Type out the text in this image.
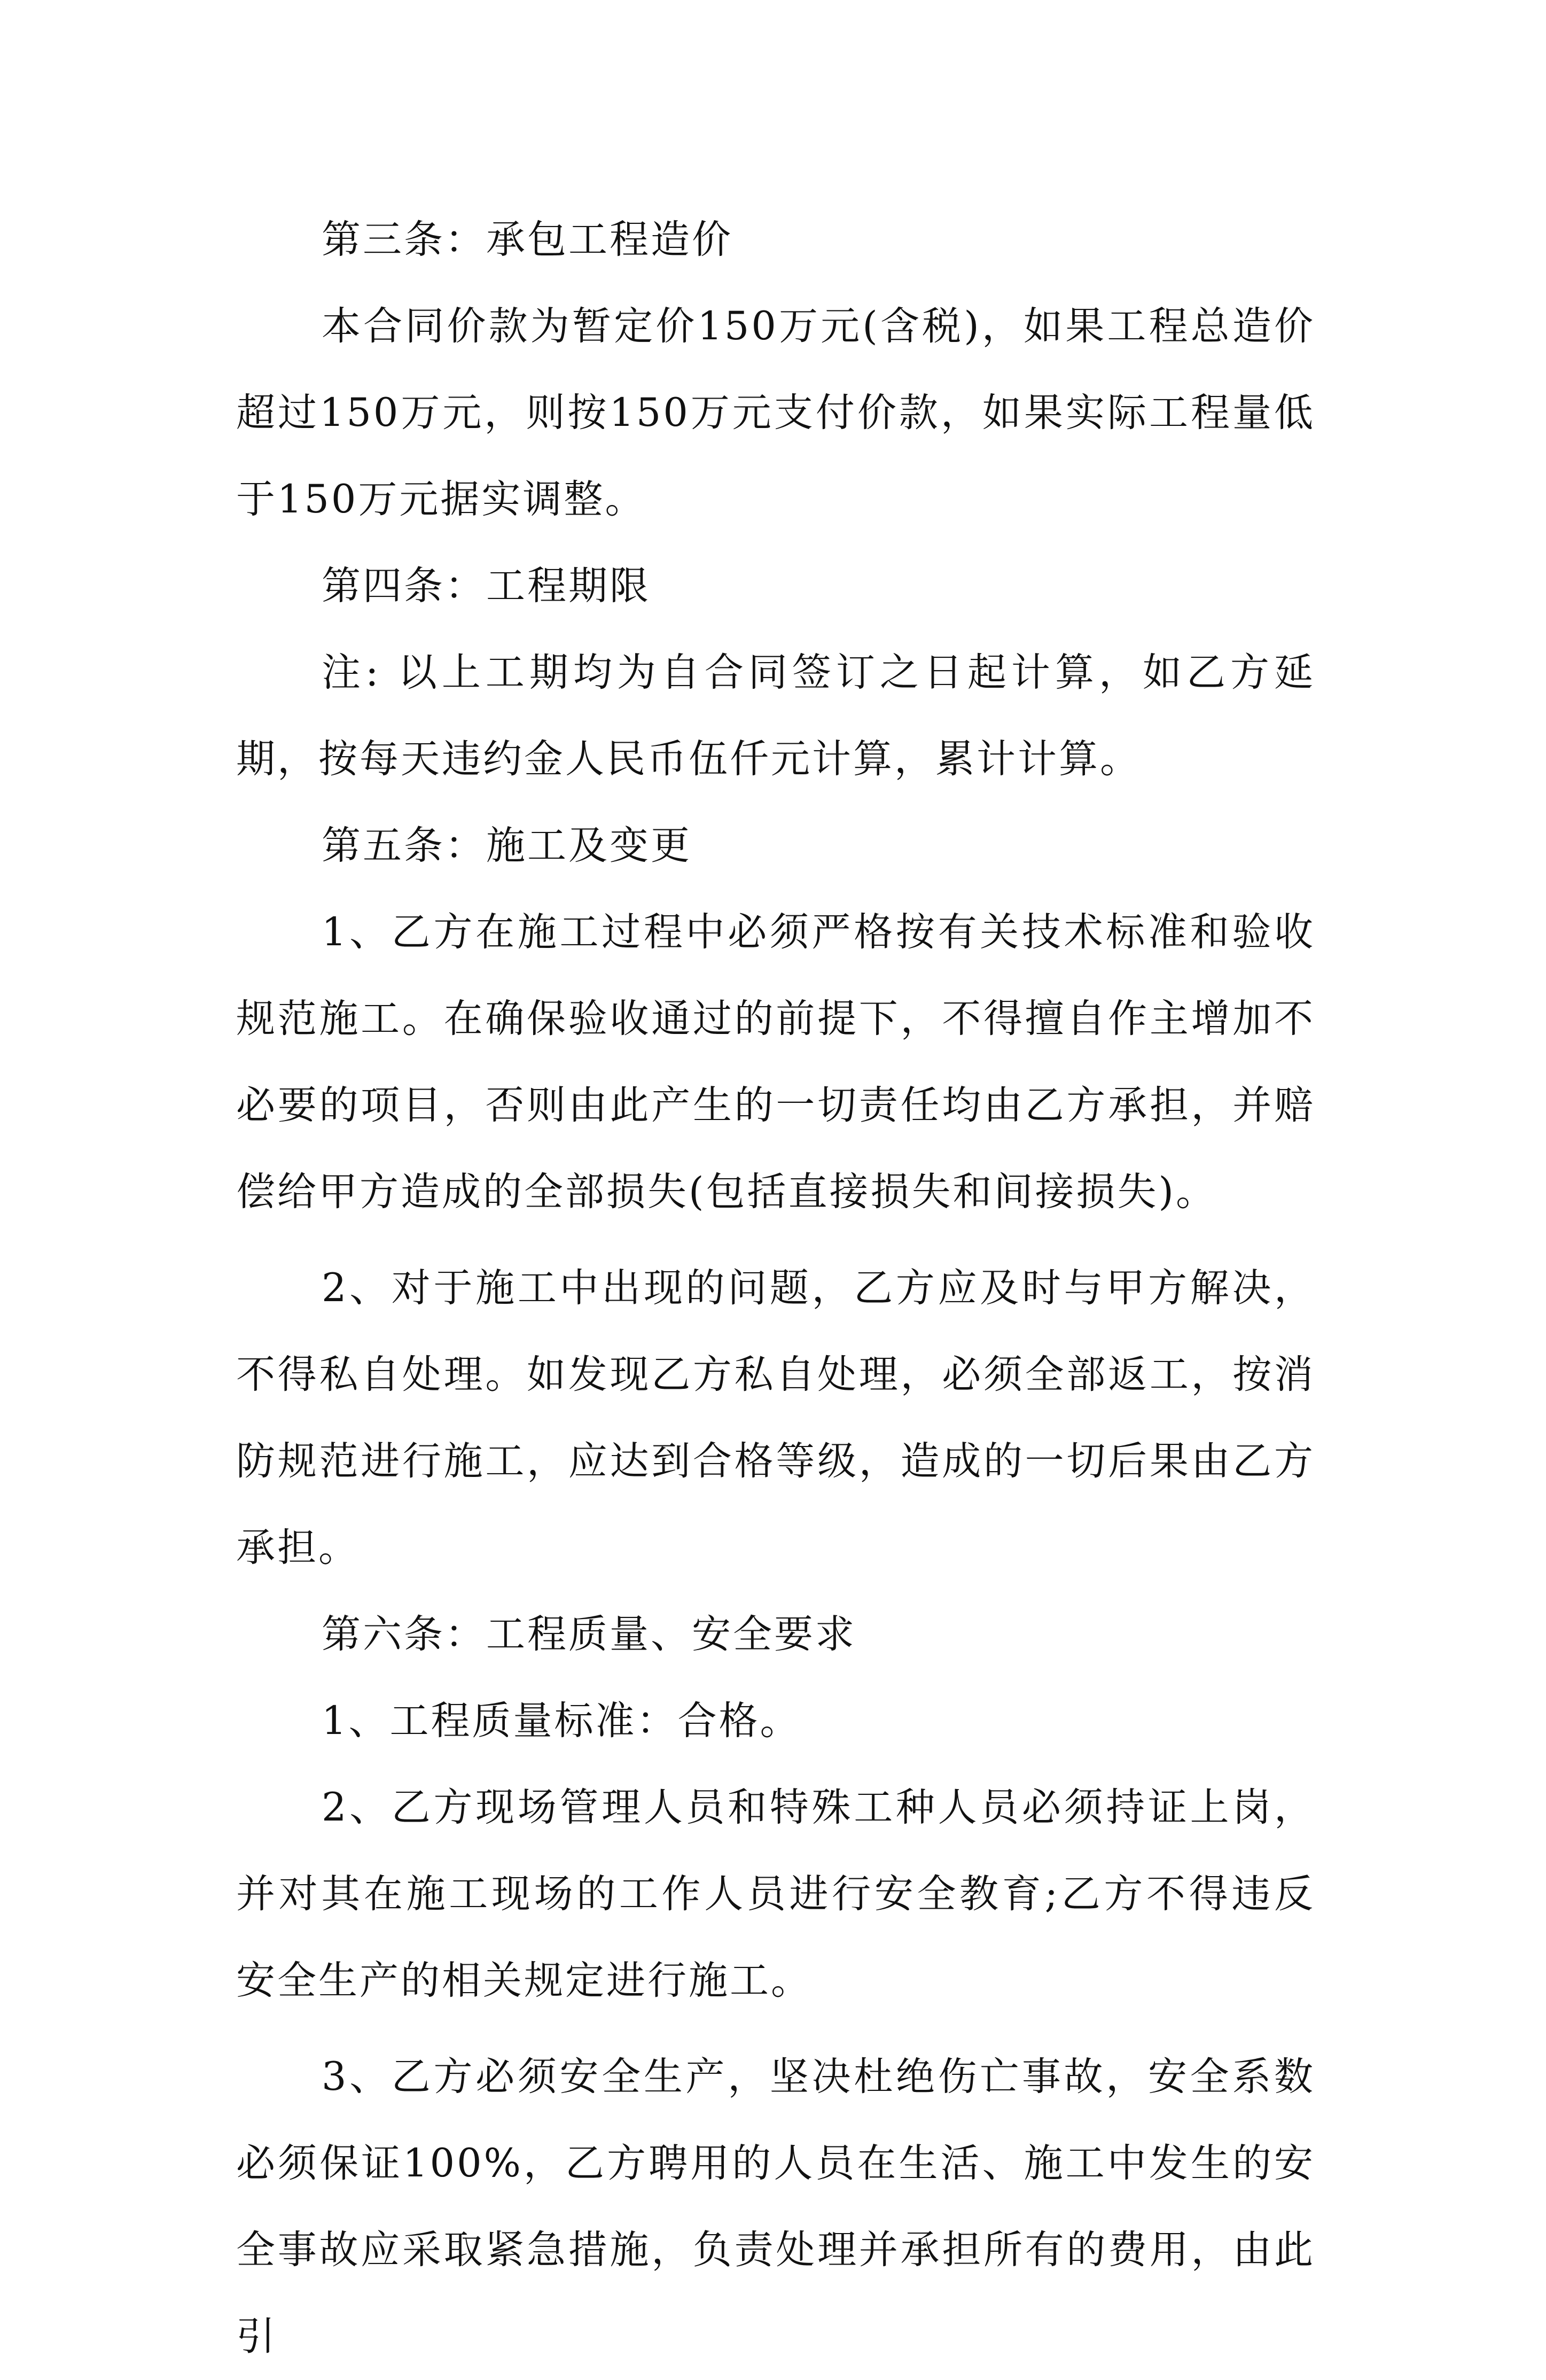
第三条：承包工程造价

本合同价款为暂定价150万元(含税)，如果工程总造价超过150万元，则按150万元支付价款，如果实际工程量低于150万元据实调整。

第四条：工程期限

注: 以上工期均为自合同签订之日起计算，如乙方延期，按每天违约金人民币伍仟元计算，累计计算。

第五条：施工及变更

1、乙方在施工过程中必须严格按有关技术标准和验收规范施工。在确保验收通过的前提下，不得擅自作主增加不必要的项目，否则由此产生的一切责任均由乙方承担，并赔偿给甲方造成的全部损失(包括直接损失和间接损失)。

2、对于施工中出现的问题，乙方应及时与甲方解决，不得私自处理。如发现乙方私自处理，必须全部返工，按消防规范进行施工，应达到合格等级，造成的一切后果由乙方承担。

第六条：工程质量、安全要求

1、工程质量标准：合格。

2、乙方现场管理人员和特殊工种人员必须持证上岗，并对其在施工现场的工作人员进行安全教育;乙方不得违反安全生产的相关规定进行施工。

3、乙方必须安全生产，坚决杜绝伤亡事故，安全系数必须保证100%，乙方聘用的人员在生活、施工中发生的安全事故应采取紧急措施，负责处理并承担所有的费用，由此引
